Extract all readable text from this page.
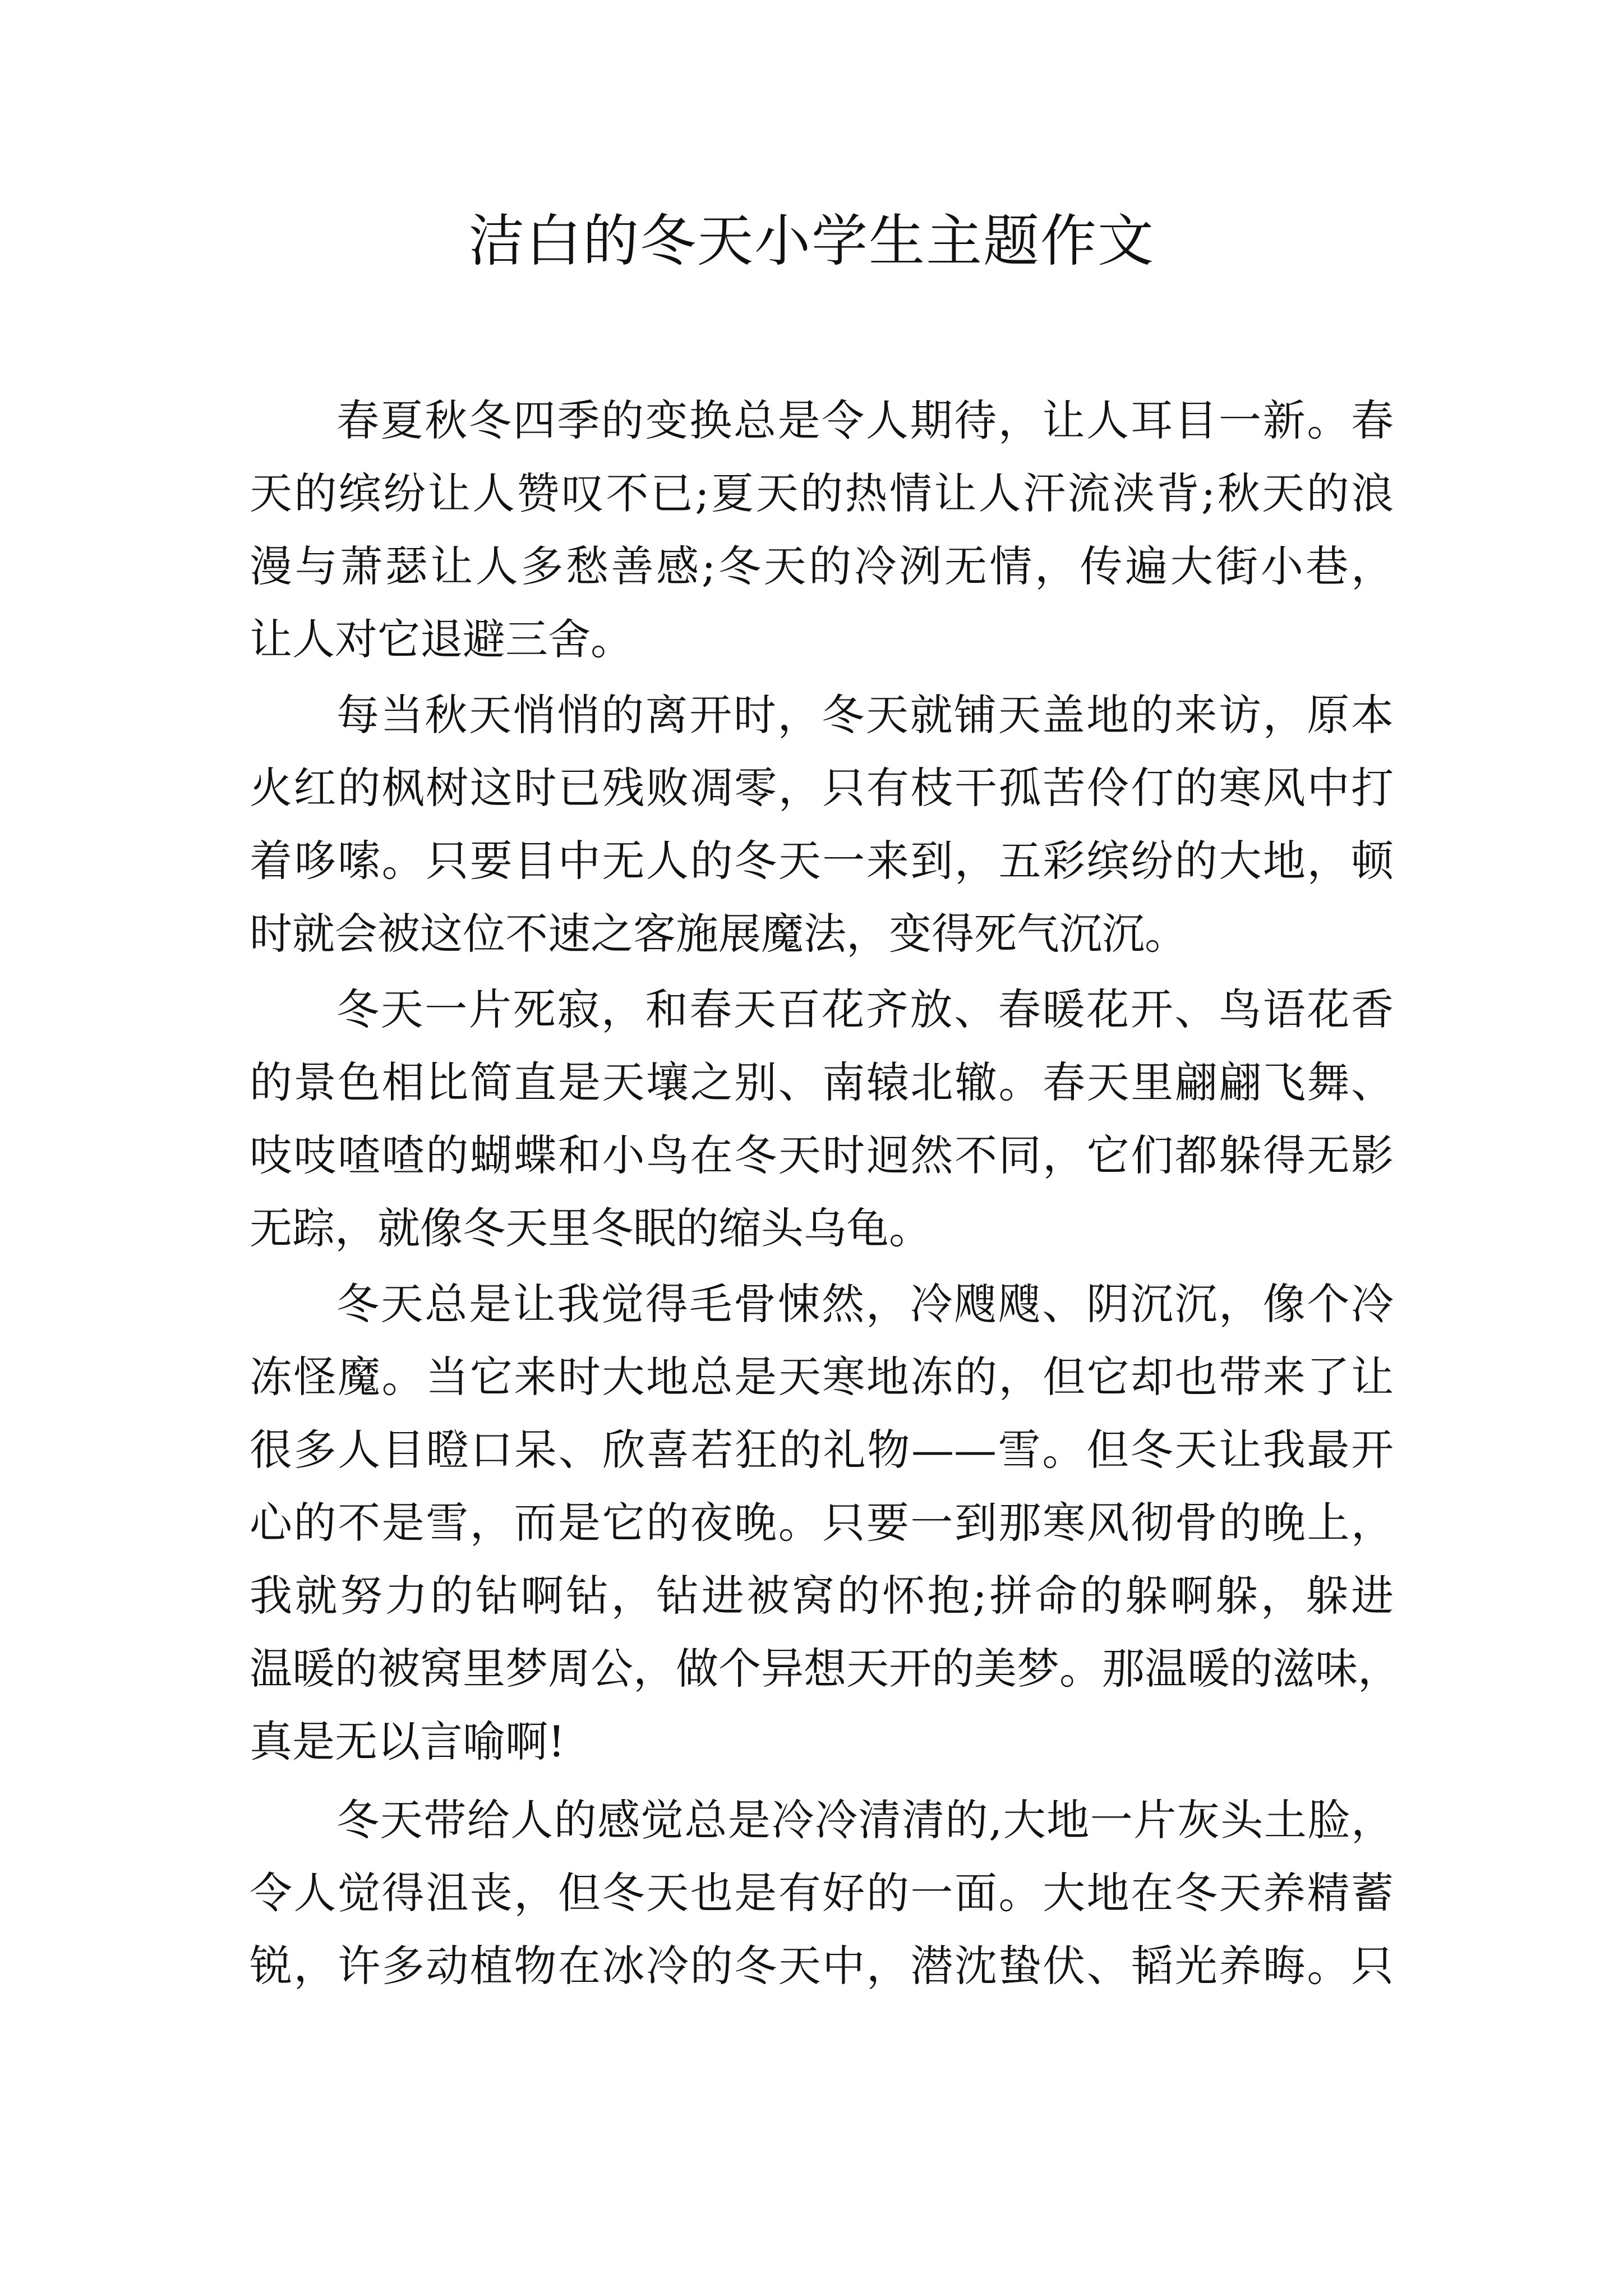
洁白的冬天小学生主题作文

春夏秋冬四季的变换总是令人期待，让人耳目一新。春

天的缤纷让人赞叹不已;夏天的热情让人汗流浃背;秋天的浪

漫与萧瑟让人多愁善感;冬天的冷洌无情，传遍大街小巷，

让人对它退避三舍。

每当秋天悄悄的离开时，冬天就铺天盖地的来访，原本

火红的枫树这时已残败凋零，只有枝干孤苦伶仃的寒风中打

着哆嗦。只要目中无人的冬天一来到，五彩缤纷的大地，顿

时就会被这位不速之客施展魔法，变得死气沉沉。

冬天一片死寂，和春天百花齐放、春暖花开、鸟语花香

的景色相比简直是天壤之别、南辕北辙。春天里翩翩飞舞、

吱吱喳喳的蝴蝶和小鸟在冬天时迥然不同，它们都躲得无影

无踪，就像冬天里冬眠的缩头乌龟。

冬天总是让我觉得毛骨悚然，冷飕飕、阴沉沉，像个冷

冻怪魔。当它来时大地总是天寒地冻的，但它却也带来了让

很多人目瞪口呆、欣喜若狂的礼物——雪。但冬天让我最开

心的不是雪，而是它的夜晚。只要一到那寒风彻骨的晚上，

我就努力的钻啊钻，钻进被窝的怀抱;拼命的躲啊躲，躲进

温暖的被窝里梦周公，做个异想天开的美梦。那温暖的滋味，

真是无以言喻啊!

冬天带给人的感觉总是冷冷清清的,大地一片灰头土脸，

令人觉得沮丧，但冬天也是有好的一面。大地在冬天养精蓄

锐，许多动植物在冰冷的冬天中，潜沈蛰伏、韬光养晦。只
